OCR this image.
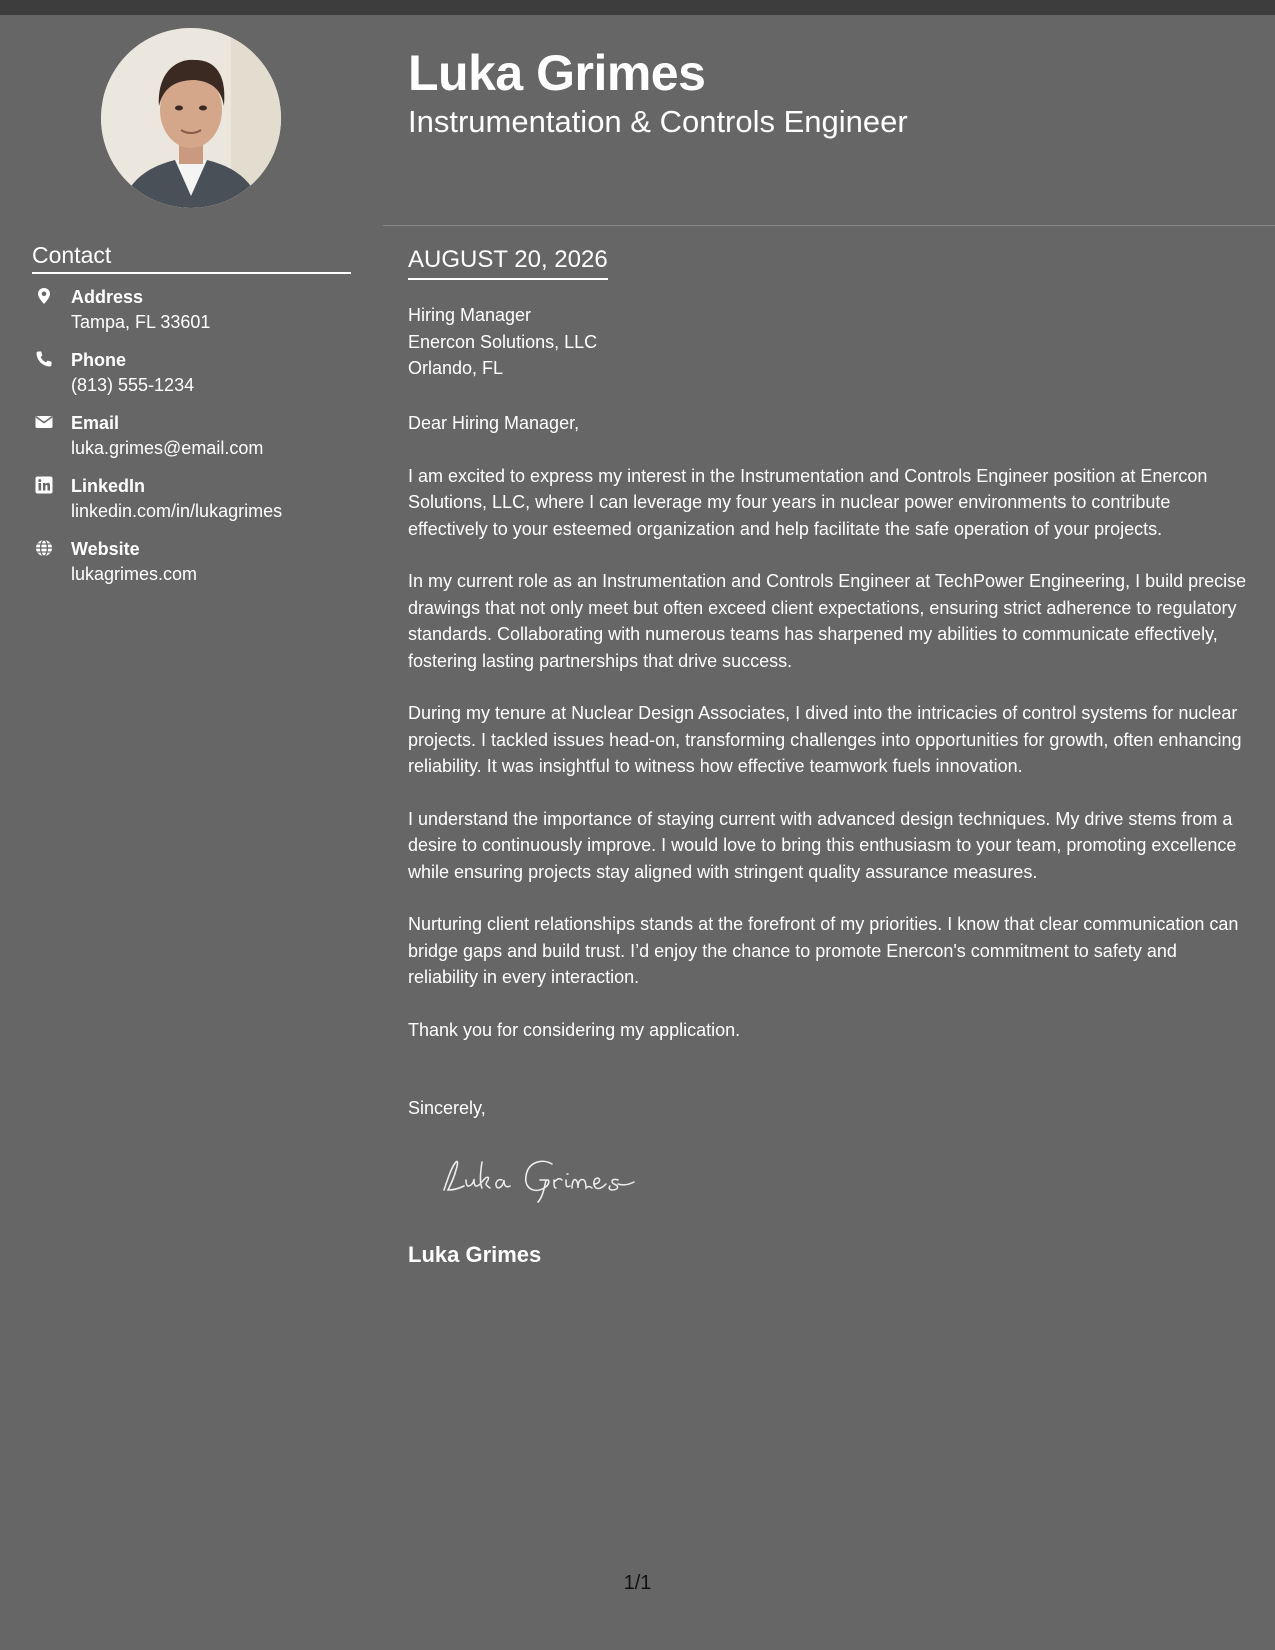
Luka Grimes
Instrumentation & Controls Engineer
Contact
Address
Tampa, FL 33601
Phone
(813) 555-1234
Email
luka.grimes@email.com
LinkedIn
linkedin.com/in/lukagrimes
Website
lukagrimes.com
AUGUST 20, 2026
Hiring Manager
Enercon Solutions, LLC
Orlando, FL

Dear Hiring Manager,

I am excited to express my interest in the Instrumentation and Controls Engineer position at Enercon Solutions, LLC, where I can leverage my four years in nuclear power environments to contribute effectively to your esteemed organization and help facilitate the safe operation of your projects.

In my current role as an Instrumentation and Controls Engineer at TechPower Engineering, I build precise drawings that not only meet but often exceed client expectations, ensuring strict adherence to regulatory standards. Collaborating with numerous teams has sharpened my abilities to communicate effectively, fostering lasting partnerships that drive success.

During my tenure at Nuclear Design Associates, I dived into the intricacies of control systems for nuclear projects. I tackled issues head-on, transforming challenges into opportunities for growth, often enhancing reliability. It was insightful to witness how effective teamwork fuels innovation.

I understand the importance of staying current with advanced design techniques. My drive stems from a desire to continuously improve. I would love to bring this enthusiasm to your team, promoting excellence while ensuring projects stay aligned with stringent quality assurance measures.

Nurturing client relationships stands at the forefront of my priorities. I know that clear communication can bridge gaps and build trust. I’d enjoy the chance to promote Enercon's commitment to safety and reliability in every interaction.

Thank you for considering my application.

Sincerely,
Luka Grimes
1/1
